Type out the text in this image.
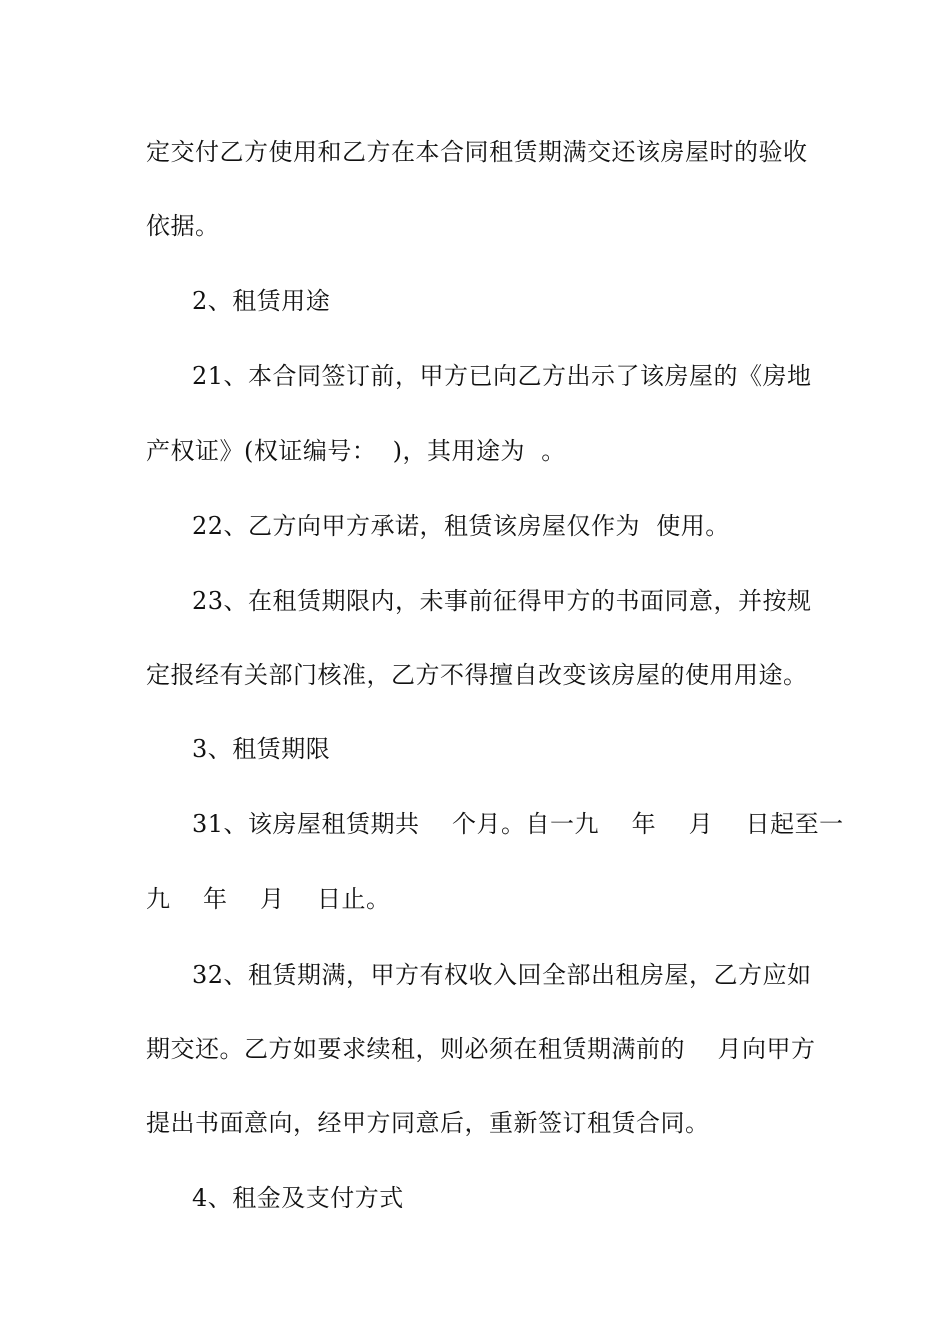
定交付乙方使用和乙方在本合同租赁期满交还该房屋时的验收
依据。
2、租赁用途
21、本合同签订前，甲方已向乙方出示了该房屋的《房地
产权证》(权证编号：  )，其用途为  。
22、乙方向甲方承诺，租赁该房屋仅作为  使用。
23、在租赁期限内，未事前征得甲方的书面同意，并按规
定报经有关部门核准，乙方不得擅自改变该房屋的使用用途。
3、租赁期限
31、该房屋租赁期共    个月。自一九    年    月    日起至一
九    年    月    日止。
32、租赁期满，甲方有权收入回全部出租房屋，乙方应如
期交还。乙方如要求续租，则必须在租赁期满前的    月向甲方
提出书面意向，经甲方同意后，重新签订租赁合同。
4、租金及支付方式
